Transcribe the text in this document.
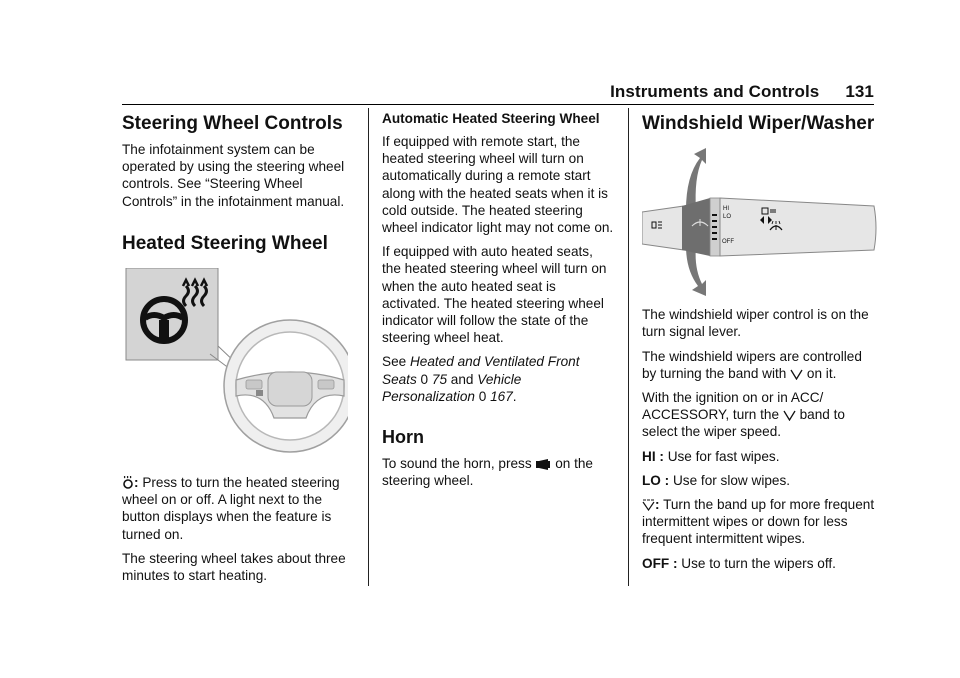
Instruments and Controls 131
Steering Wheel Controls

The infotainment system can be operated by using the steering wheel controls. See “Steering Wheel Controls” in the infotainment manual.

Heated Steering Wheel

: Press to turn the heated steering wheel on or off. A light next to the button displays when the feature is turned on.

The steering wheel takes about three minutes to start heating.

Automatic Heated Steering Wheel

If equipped with remote start, the heated steering wheel will turn on automatically during a remote start along with the heated seats when it is cold outside. The heated steering wheel indicator light may not come on.

If equipped with auto heated seats, the heated steering wheel will turn on when the auto heated seat is activated. The heated steering wheel indicator will follow the state of the steering wheel heat.

See Heated and Ventilated Front Seats 0 75 and Vehicle Personalization 0 167.

Horn

To sound the horn, press on the steering wheel.

Windshield Wiper/Washer
HI
LO
OFF

The windshield wiper control is on the turn signal lever.

The windshield wipers are controlled by turning the band with on it.

With the ignition on or in ACC/ ACCESSORY, turn the band to select the wiper speed.

HI : Use for fast wipes.

LO : Use for slow wipes.

: Turn the band up for more frequent intermittent wipes or down for less frequent intermittent wipes.

OFF : Use to turn the wipers off.
